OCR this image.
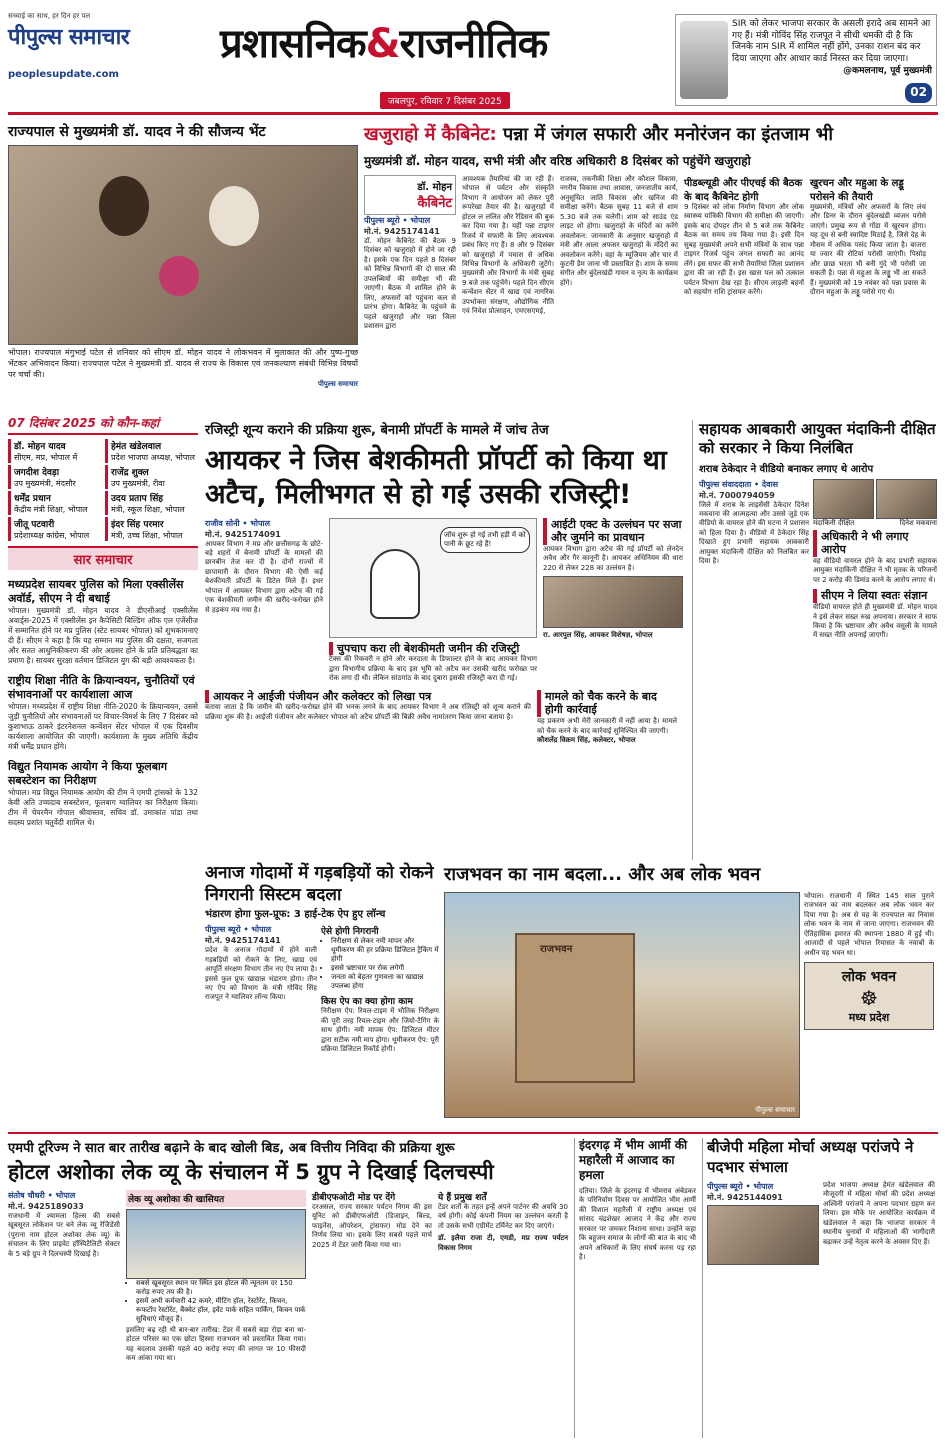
सच्चाई का साथ, हर दिन हर पल
पीपुल्स समाचार
peoplesupdate.com
प्रशासनिक&राजनीतिक
जबलपुर, रविवार 7 दिसंबर 2025
SIR को लेकर भाजपा सरकार के असली इरादे अब सामने आ गए हैं। मंत्री गोविंद सिंह राजपूत ने सीधी धमकी दी है कि जिनके नाम SIR में शामिल नहीं होंगे, उनका राशन बंद कर दिया जाएगा और आधार कार्ड निरस्त कर दिया जाएगा।
@कमलनाथ, पूर्व मुख्यमंत्री
02
राज्यपाल से मुख्यमंत्री डॉ. यादव ने की सौजन्य भेंट
भोपाल। राज्यपाल मंगुभाई पटेल से शनिवार को सीएम डॉ. मोहन यादव ने लोकभवन में मुलाकात की और पुष्प-गुच्छ भेंटकर अभिवादन किया। राज्यपाल पटेल ने मुख्यमंत्री डॉ. यादव से राज्य के विकास एवं जनकल्याण संबंधी विभिन्न विषयों पर चर्चा की।
पीपुल्स समाचार
खजुराहो में कैबिनेट: पन्ना में जंगल सफारी और मनोरंजन का इंतजाम भी
मुख्यमंत्री डॉ. मोहन यादव, सभी मंत्री और वरिष्ठ अधिकारी 8 दिसंबर को पहुंचेंगे खजुराहो
डॉ. मोहन
कैबिनेट
पीपुल्स ब्यूरो • भोपाल
मो.नं. 9425174141
डॉ. मोहन कैबिनेट की बैठक 9 दिसंबर को खजुराहो में होने जा रही है। इसके एक दिन पहले 8 दिसंबर को विभिन्न विभागों की दो साल की उपलब्धियों की समीक्षा भी की जाएगी। बैठक में शामिल होने के लिए, अफसरों को पहुंचना कल से प्रारंभ होगा। कैबिनेट के पहुंचने के पहले खजुराहो और पन्ना जिला प्रशासन द्वारा
आवश्यक तैयारियां की जा रही हैं। भोपाल से पर्यटन और संस्कृति विभाग ने आयोजन को लेकर पूरी रूपरेखा तैयार की है। खजुराहो में होटल ल ललित और रैडिसन की बुक कर दिया गया है। यहीं पन्ना टाइगर रिजर्व में सफारी के लिए आवश्यक प्रबंध किए गए हैं। 8 और 9 दिसंबर को खजुराहो में पचास से अधिक विभिन्न विभागों के अधिकारी जुटेंगे। मुख्यमंत्री और विभागों के मंत्री सुबह 9 बजे तक पहुंचेंगे। पहले दिन सीएम कन्वेंशन सेंटर में खाद्य एवं नागरिक उपभोक्ता संरक्षण, औद्योगिक नीति एवं निवेश प्रोत्साहन, एमएसएमई,
राजस्व, तकनीकी शिक्षा और कौशल विकास, नगरीय विकास तथा आवास, जनजातीय कार्य, अनुसूचित जाति विकास और खनिज की समीक्षा करेंगे। बैठक सुबह 11 बजे से शाम 5.30 बजे तक चलेगी। शाम को साउंड एंड लाइट शो होगा। खजुराहो के मंदिरों का करेंगे अवलोकन: जानकारी के अनुसार खजुराहो में मंत्री और आला अफसर खजुराहो के मंदिरों का अवलोकन करेंगे। वहां के म्यूजियम और चार में कुटनी डैम जाना भी प्रस्तावित है। शाम के समय संगीत और बुंदेलखंडी गायन व नृत्य के कार्यक्रम होंगे।
पीडब्ल्यूडी और पीएचई की बैठक के बाद कैबिनेट होगी
9 दिसंबर को लोक निर्माण विभाग और लोक स्वास्थ्य यांत्रिकी विभाग की समीक्षा की जाएगी। इसके बाद दोपहर तीन से 5 बजे तक कैबिनेट बैठक का समय तय किया गया है। इसी दिन सुबह मुख्यमंत्री अपने सभी मंत्रियों के साथ पन्ना टाइगर रिजर्व पहुंच जंगल सफारी का आनंद लेंगे। इस सफर की सभी तैयारियां जिला प्रशासन द्वारा की जा रही हैं। इस खास पल को तत्काल पर्यटन विभाग देख रहा है। सीएम लाड़ली बहनों को सहयोग राशि ट्रांसफर करेंगे।
खुरचन और महुआ के लड्डू परोसने की तैयारी
मुख्यमंत्री, मंत्रियों और अफसरों के लिए लंच और डिनर के दौरान बुंदेलखंडी व्यंजन परोसे जाएंगे। प्रमुख रूप से गोंडा में खुरचन होगा। यह दूध से बनी स्वादिष्ट मिठाई है, जिसे देह के मौसम में अधिक पसंद किया जाता है। बाजरा या ज्वार की रोटियां परोसी जाएंगी। पिसोड़ और छाछ भरता भी बनी गुंदे भी परोसी जा सकती है। पन्ना से महुआ के लड्डू भी आ सकते हैं। मुख्यमंत्री को 19 नवंबर को पन्ना प्रवास के दौरान महुआ के लड्डू परोसे गए थे।
07 दिसंबर 2025 को कौन-कहां
डॉ. मोहन यादव
सीएम, मप्र, भोपाल में
हेमंत खंडेलवाल
प्रदेश भाजपा अध्यक्ष, भोपाल
जगदीश देवड़ा
उप मुख्यमंत्री, मंदसौर
राजेंद्र शुक्ल
उप मुख्यमंत्री, रीवा
धर्मेंद्र प्रधान
केंद्रीय मंत्री शिक्षा, भोपाल
उदय प्रताप सिंह
मंत्री, स्कूल शिक्षा, भोपाल
जीतू पटवारी
प्रदेशाध्यक्ष कांग्रेस, भोपाल
इंदर सिंह परमार
मंत्री, उच्च शिक्षा, भोपाल
सार समाचार
मध्यप्रदेश सायबर पुलिस को मिला एक्सीलेंस अवॉर्ड, सीएम ने दी बधाई
भोपाल। मुख्यमंत्री डॉ. मोहन यादव ने डीएसीआई एक्सीलेंस अवार्ड्स-2025 में एक्सीलेंस इन कैपेसिटी बिल्डिंग ऑफ एल एजेंसीज में सम्मानित होने पर मप्र पुलिस (स्टेट सायबर भोपाल) को शुभकामनाएं दी हैं। सीएम ने कहा है कि यह सम्मान मप्र पुलिस की दक्षता, सजगता और सतत आधुनिकीकरण की ओर अग्रसर होने के प्रति प्रतिबद्धता का प्रमाण है। सायबर सुरक्षा वर्तमान डिजिटल युग की बड़ी आवश्यकता है।
राष्ट्रीय शिक्षा नीति के क्रियान्वयन, चुनौतियों एवं संभावनाओं पर कार्यशाला आज
भोपाल। मध्यप्रदेश में राष्ट्रीय शिक्षा नीति-2020 के क्रियान्वयन, उससे जुड़ी चुनौतियों और संभावनाओं पर विचार-विमर्श के लिए 7 दिसंबर को कुशाभाऊ ठाकरे इंटरनेशनल कन्वेंशन सेंटर भोपाल में एक दिवसीय कार्यशाला आयोजित की जाएगी। कार्यशाला के मुख्य अतिथि केंद्रीय मंत्री धर्मेंद्र प्रधान होंगे।
विद्युत नियामक आयोग ने किया फूलबाग सबस्टेशन का निरीक्षण
भोपाल। मप्र विद्युत नियामक आयोग की टीम ने एमपी ट्रांसको के 132 केवी अति उच्चदाब सबस्टेशन, फूलबाग ग्वालियर का निरीक्षण किया। टीम में चेयरमैन गोपाल श्रीवास्तव, सचिव डॉ. उमाकांत पांडा तथा सदस्य प्रशांत चतुर्वेदी शामिल थे।
रजिस्ट्री शून्य कराने की प्रक्रिया शुरू, बेनामी प्रॉपर्टी के मामले में जांच तेज
आयकर ने जिस बेशकीमती प्रॉपर्टी को किया था अटैच, मिलीभगत से हो गई उसकी रजिस्ट्री!
राजीव सोनी • भोपाल
मो.नं. 9425174091
आयकर विभाग ने मप्र और छत्तीसगढ़ के छोटे-बड़े शहरों में बेनामी प्रॉपर्टी के मामलों की छानबीन तेज कर दी है। दोनों राज्यों में छापामारी के दौरान विभाग की ऐसी कई बेशकीमती प्रॉपर्टी के डिटेल मिले हैं। इधर भोपाल में आयकर विभाग द्वारा अटैच की गई एक बेशकीमती जमीन की खरीद-फरोख्त होने से हड़कंप मच गया है।
जॉच शुरू हो गई तभी हड़ी में को पानी के छूट रहे हैं!
चुपचाप करा ली बेशकीमती जमीन की रजिस्ट्री
टैक्स की रिकवरी न होने और करदाता के डिफाल्टर होने के बाद आयकर विभाग द्वारा विभागीय प्रक्रिया के बाद इस भूमि को अटैच कर उसकी खरीद फरोख्त पर रोक लगा दी थी। लेकिन सांठगांठ के बाद दुबारा इसकी रजिस्ट्री करा दी गई।
आईटी एक्ट के उल्लंघन पर सजा और जुर्माने का प्रावधान
आयकर विभाग द्वारा अटैच की गई प्रॉपर्टी को लेनदेन अवैध और गैर कानूनी है। आयकर अधिनियम की धारा 220 से लेकर 228 का उल्लंघन है।
रा. आरपुल सिंह, आयकर विशेषज्ञ, भोपाल
आयकर ने आईजी पंजीयन और कलेक्टर को लिखा पत्र
बताया जाता है कि जमीन की खरीद-फरोख्त होने की भनक लगने के बाद आयकर विभाग ने अब रजिस्ट्री को शून्य कराने की प्रक्रिया शुरू की है। आईजी पंजीयन और कलेक्टर भोपाल को अटैच प्रॉपर्टी की बिक्री अवैध नामांतरण किया जाना बताया है।
मामले को चैक करने के बाद होगी कार्रवाई
यह प्रकरण अभी मेरी जानकारी में नहीं आया है। मामले को चैक करने के बाद कार्रवाई सुनिश्चित की जाएगी।
कौशलेंद्र विक्रम सिंह, कलेक्टर, भोपाल
सहायक आबकारी आयुक्त मंदाकिनी दीक्षित को सरकार ने किया निलंबित
शराब ठेकेदार ने वीडियो बनाकर लगाए थे आरोप
पीपुल्स संवाददाता • देवास
मो.नं. 7000794059
जिले में शराब के लाइसेंसी ठेकेदार दिनेश मकवाना की आत्महत्या और उससे जुड़े एक वीडियो के वायरल होने की घटना ने प्रशासन को हिला दिया है। वीडियो में ठेकेदार सिंह दिखाते हुए प्रभारी सहायक आबकारी आयुक्त मंदाकिनी दीक्षित को निलंबित कर दिया है।
मंदाकिनी दीक्षित	दिनेश मकवाना
अधिकारी ने भी लगाए आरोप
वह वीडियो वायरल होने के बाद प्रभारी सहायक आयुक्त मंदाकिनी दीक्षित ने भी मृतक के परिजनों पर 2 करोड़ की डिमांड करने के आरोप लगाए थे।
सीएम ने लिया स्वतः संज्ञान
वीडियो वायरल होते ही मुख्यमंत्री डॉ. मोहन यादव ने इसे लेकर सख्त रुख अपनाया। सरकार ने साफ किया है कि भ्रष्टाचार और अवैध वसूली के मामले में सख्त नीति अपनाई जाएगी।
अनाज गोदामों में गड़बड़ियों को रोकने निगरानी सिस्टम बदला
भंडारण होगा फुल-प्रूफ: 3 हाई-टेक ऐप हुए लॉन्च
पीपुल्स ब्यूरो • भोपाल
मो.नं. 9425174141
प्रदेश के अनाज गोदामों में होने वाली गड़बड़ियों को रोकने के लिए, खाद्य एवं आपूर्ति संरक्षण विभाग तीन नए ऐप लाया है। इससे फुल प्रूफ खाद्यान्न भंडारण होगा। तीन नए ऐप को विभाग के मंत्री गोविंद सिंह राजपूत ने ग्वालियर लॉन्च किया।
ऐसे होगी निगरानी
• निरीक्षण से लेकर नमी मापन और धूमीकरण की हर प्रक्रिया डिजिटल ट्रैकिंग में होगी
• इससे भ्रष्टाचार पर रोक लगेगी
• जनता को बेहतर गुणवत्ता का खाद्यान्न उपलब्ध होगा
किस ऐप का क्या होगा काम
निरीक्षण ऐप: रियल-टाइम में भौतिक निरीक्षण की पूरी तरह रियल-टाइम और जियो-टैगिंग के साथ होगी। नमी मापक ऐप: डिजिटल मीटर द्वारा सटीक नमी माप होगा। धूमीकरण ऐप: पूरी प्रक्रिया डिजिटल रिकॉर्ड होगी।
राजभवन का नाम बदला... और अब लोक भवन
राजभवन
पीपुल्स समाचार
भोपाल। राजधानी में स्थित 145 साल पुराने राजभवन का नाम बदलकर अब लोक भवन कर दिया गया है। अब से यह के राज्यपाल का निवास लोक भवन के नाम से जाना जाएगा। राजभवन की ऐतिहासिक इमारत की स्थापना 1880 में हुई थी। आजादी से पहले भोपाल रियासत के नवाबों के अधीन यह भवन था।
लोक भवन
☸
मध्य प्रदेश
एमपी टूरिज्म ने सात बार तारीख बढ़ाने के बाद खोली बिड, अब वित्तीय निविदा की प्रक्रिया शुरू
होटल अशोका लेक व्यू के संचालन में 5 ग्रुप ने दिखाई दिलचस्पी
संतोष चौधरी • भोपाल
मो.नं. 9425189033
राजधानी में श्यामला हिल्स की सबसे खूबसूरत लोकेशन पर बने लेक व्यू रेजिडेंसी (पुराना नाम होटल अशोका लेक व्यू) के संचालन के लिए प्राइवेट हॉस्पिटैलिटी सेक्टर के 5 बड़े ग्रुप ने दिलचस्पी दिखाई है।
लेक व्यू अशोका की खासियत
• सबसे खूबसूरत स्थान पर स्थित इस होटल की न्यूनतम दर 150 करोड़ रुपए तय की है।
• इसमें अभी कर्मचारी 42 कमरे, मीटिंग हॉल, रेस्टोरेंट, किचन, रूफटॉप रेस्टोरेंट, बैंक्वेट हॉल, इवेंट पार्क सहित पार्किंग, किचन पार्क सुविधाएं मौजूद हैं।
इसलिए बढ़ रही थी बार-बार तारीख: टेंडर में सबसे बड़ा रोड़ा बना था-होटल परिसर का एक छोटा हिस्सा राजभवन को प्रस्तावित किया गया। यह बदलाव उसकी पहले 40 करोड़ रुपए की लागत पर 10 फीसदी कम आंका गया था।
डीबीएफओटी मोड पर देंगे
दरअसल, राज्य सरकार पर्यटन निगम की इस यूनिट को डीबीएफओटी (डिजाइन, बिल्ड, फाइनेंस, ऑपरेशन, ट्रांसफर) मोड देने का निर्णय लिया था। इसके लिए सबसे पहले मार्च 2025 में टेंडर जारी किया गया था।
ये हैं प्रमुख शर्तें
टेंडर शर्तों के तहत इन्हें अपने पार्टनर की अवधि 30 वर्ष होगी। कोई कंपनी नियम का उल्लंघन करती है तो उसके सभी एग्रीमेंट टर्मिनेट कर दिए जाएंगे।
डॉ. इलैया राजा टी, एमडी, मप्र राज्य पर्यटन विकास निगम
इंदरगढ़ में भीम आर्मी की महारैली में आजाद का हमला
दतिया। जिले के इंदरगढ़ में भीमराव अंबेडकर के परिनिर्वाण दिवस पर आयोजित भीम आर्मी की विशाल महारैली में राष्ट्रीय अध्यक्ष एवं सांसद चंद्रशेखर आजाद ने केंद्र और राज्य सरकार पर जमकर निशाना साधा। उन्होंने कहा कि बहुजन समाज के लोगों की बात के बाद भी अपने अधिकारों के लिए संघर्ष करना पड़ रहा है।
बीजेपी महिला मोर्चा अध्यक्ष परांजपे ने पदभार संभाला
पीपुल्स ब्यूरो • भोपाल
मो.नं. 9425144091
प्रदेश भाजपा अध्यक्ष हेमंत खंडेलवाल की मौजूदगी में महिला मोर्चा की प्रदेश अध्यक्ष अश्विनी परांजपे ने अपना पदभार ग्रहण कर लिया। इस मौके पर आयोजित कार्यक्रम में खंडेलवाल ने कहा कि भाजपा सरकार ने स्थानीय चुनावों में महिलाओं की भागीदारी बढ़ाकर उन्हें नेतृत्व करने के अवसर दिए हैं।
